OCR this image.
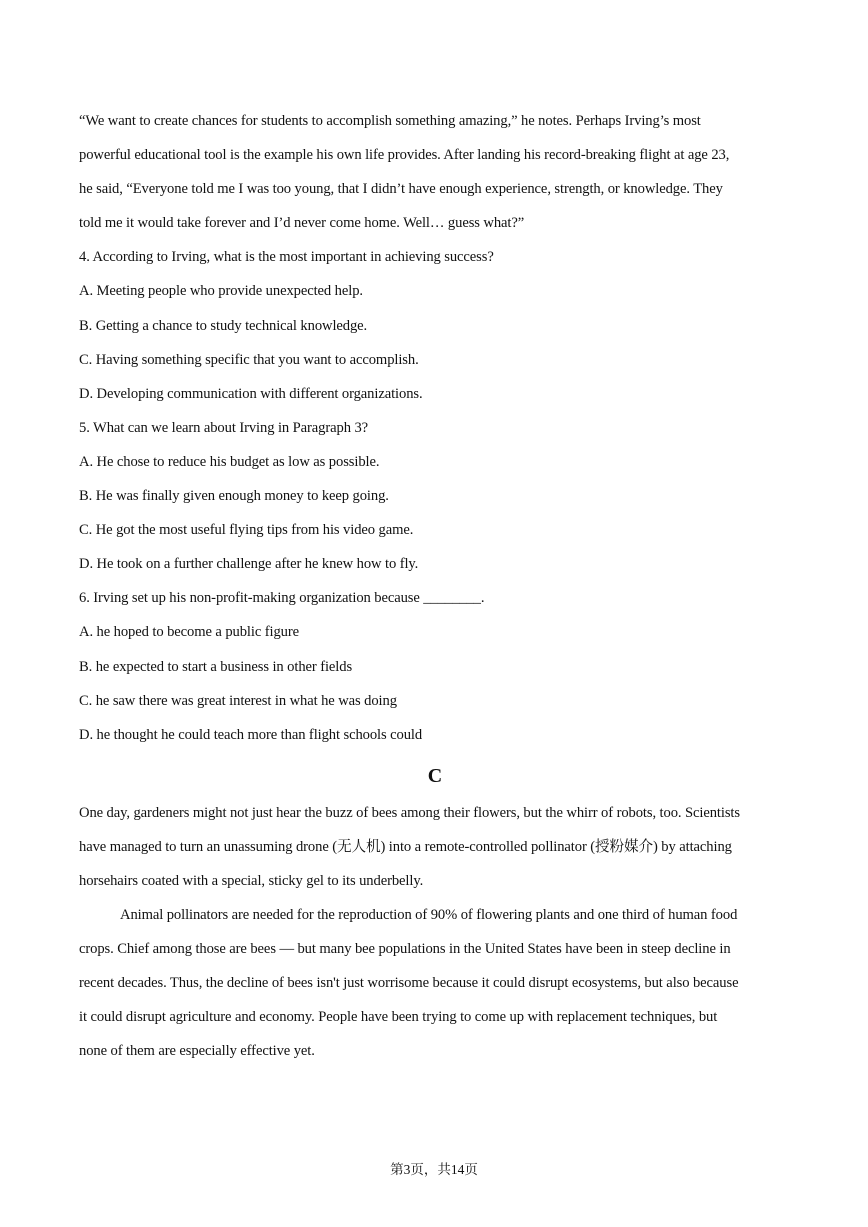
“We want to create chances for students to accomplish something amazing,” he notes. Perhaps Irving’s most
powerful educational tool is the example his own life provides. After landing his record-breaking flight at age 23,
he said, “Everyone told me I was too young, that I didn’t have enough experience, strength, or knowledge. They
told me it would take forever and I’d never come home. Well… guess what?”
4. According to Irving, what is the most important in achieving success?
A. Meeting people who provide unexpected help.
B. Getting a chance to study technical knowledge.
C. Having something specific that you want to accomplish.
D. Developing communication with different organizations.
5. What can we learn about Irving in Paragraph 3?
A. He chose to reduce his budget as low as possible.
B. He was finally given enough money to keep going.
C. He got the most useful flying tips from his video game.
D. He took on a further challenge after he knew how to fly.
6. Irving set up his non-profit-making organization because ________.
A. he hoped to become a public figure
B. he expected to start a business in other fields
C. he saw there was great interest in what he was doing
D. he thought he could teach more than flight schools could
C
One day, gardeners might not just hear the buzz of bees among their flowers, but the whirr of robots, too. Scientists
have managed to turn an unassuming drone (无人机) into a remote-controlled pollinator (授粉媒介) by attaching
horsehairs coated with a special, sticky gel to its underbelly.
Animal pollinators are needed for the reproduction of 90% of flowering plants and one third of human food
crops. Chief among those are bees — but many bee populations in the United States have been in steep decline in
recent decades. Thus, the decline of bees isn't just worrisome because it could disrupt ecosystems, but also because
it could disrupt agriculture and economy. People have been trying to come up with replacement techniques, but
none of them are especially effective yet.
第3页，共14页
